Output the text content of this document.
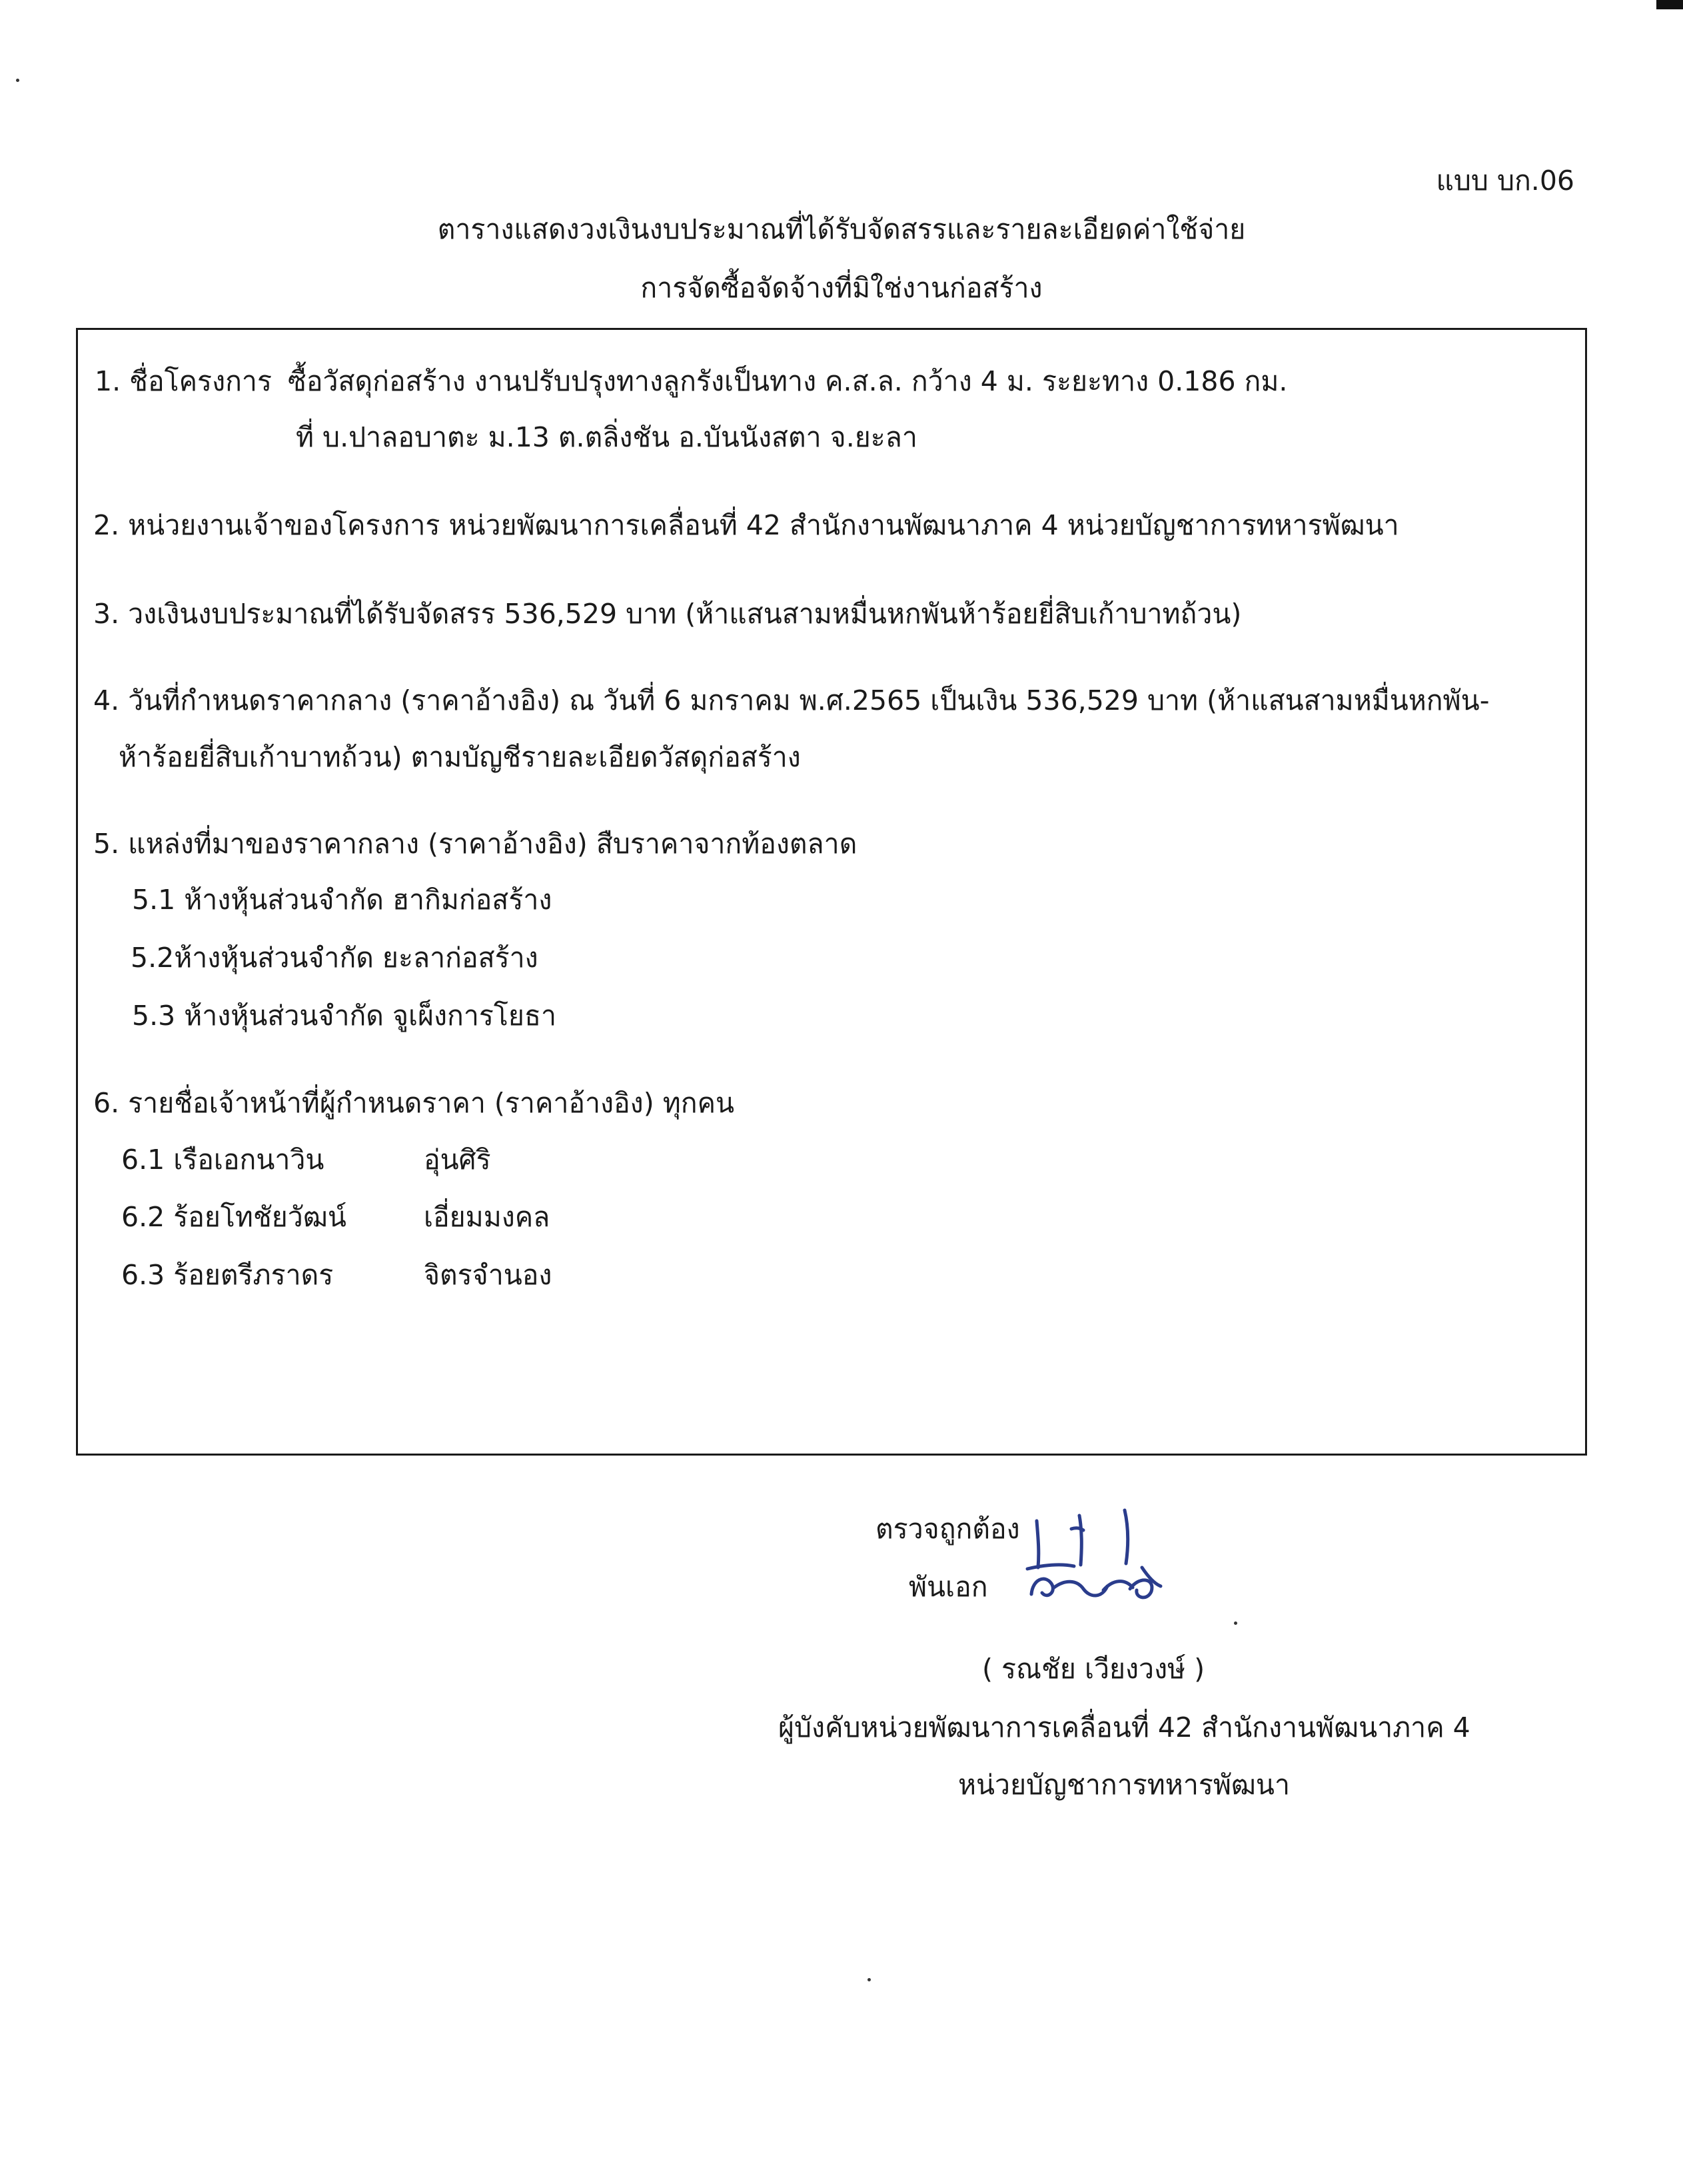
แบบ บก.06
ตารางแสดงวงเงินงบประมาณที่ได้รับจัดสรรและรายละเอียดค่าใช้จ่าย
การจัดซื้อจัดจ้างที่มิใช่งานก่อสร้าง
1. ชื่อโครงการ ซื้อวัสดุก่อสร้าง งานปรับปรุงทางลูกรังเป็นทาง ค.ส.ล. กว้าง 4 ม. ระยะทาง 0.186 กม.
ที่ บ.ปาลอบาตะ ม.13 ต.ตลิ่งชัน อ.บันนังสตา จ.ยะลา
2. หน่วยงานเจ้าของโครงการ หน่วยพัฒนาการเคลื่อนที่ 42 สำนักงานพัฒนาภาค 4 หน่วยบัญชาการทหารพัฒนา
3. วงเงินงบประมาณที่ได้รับจัดสรร 536,529 บาท (ห้าแสนสามหมื่นหกพันห้าร้อยยี่สิบเก้าบาทถ้วน)
4. วันที่กำหนดราคากลาง (ราคาอ้างอิง) ณ วันที่ 6 มกราคม พ.ศ.2565 เป็นเงิน 536,529 บาท (ห้าแสนสามหมื่นหกพัน-
ห้าร้อยยี่สิบเก้าบาทถ้วน) ตามบัญชีรายละเอียดวัสดุก่อสร้าง
5. แหล่งที่มาของราคากลาง (ราคาอ้างอิง) สืบราคาจากท้องตลาด
5.1 ห้างหุ้นส่วนจำกัด ฮากิมก่อสร้าง
5.2ห้างหุ้นส่วนจำกัด ยะลาก่อสร้าง
5.3 ห้างหุ้นส่วนจำกัด จูเผ็งการโยธา
6. รายชื่อเจ้าหน้าที่ผู้กำหนดราคา (ราคาอ้างอิง) ทุกคน
6.1 เรือเอกนาวิน	อุ่นศิริ
6.2 ร้อยโทชัยวัฒน์	เอี่ยมมงคล
6.3 ร้อยตรีภราดร	จิตรจำนอง
ตรวจถูกต้อง
พันเอก
( รณชัย เวียงวงษ์ )
ผู้บังคับหน่วยพัฒนาการเคลื่อนที่ 42 สำนักงานพัฒนาภาค 4
หน่วยบัญชาการทหารพัฒนา
